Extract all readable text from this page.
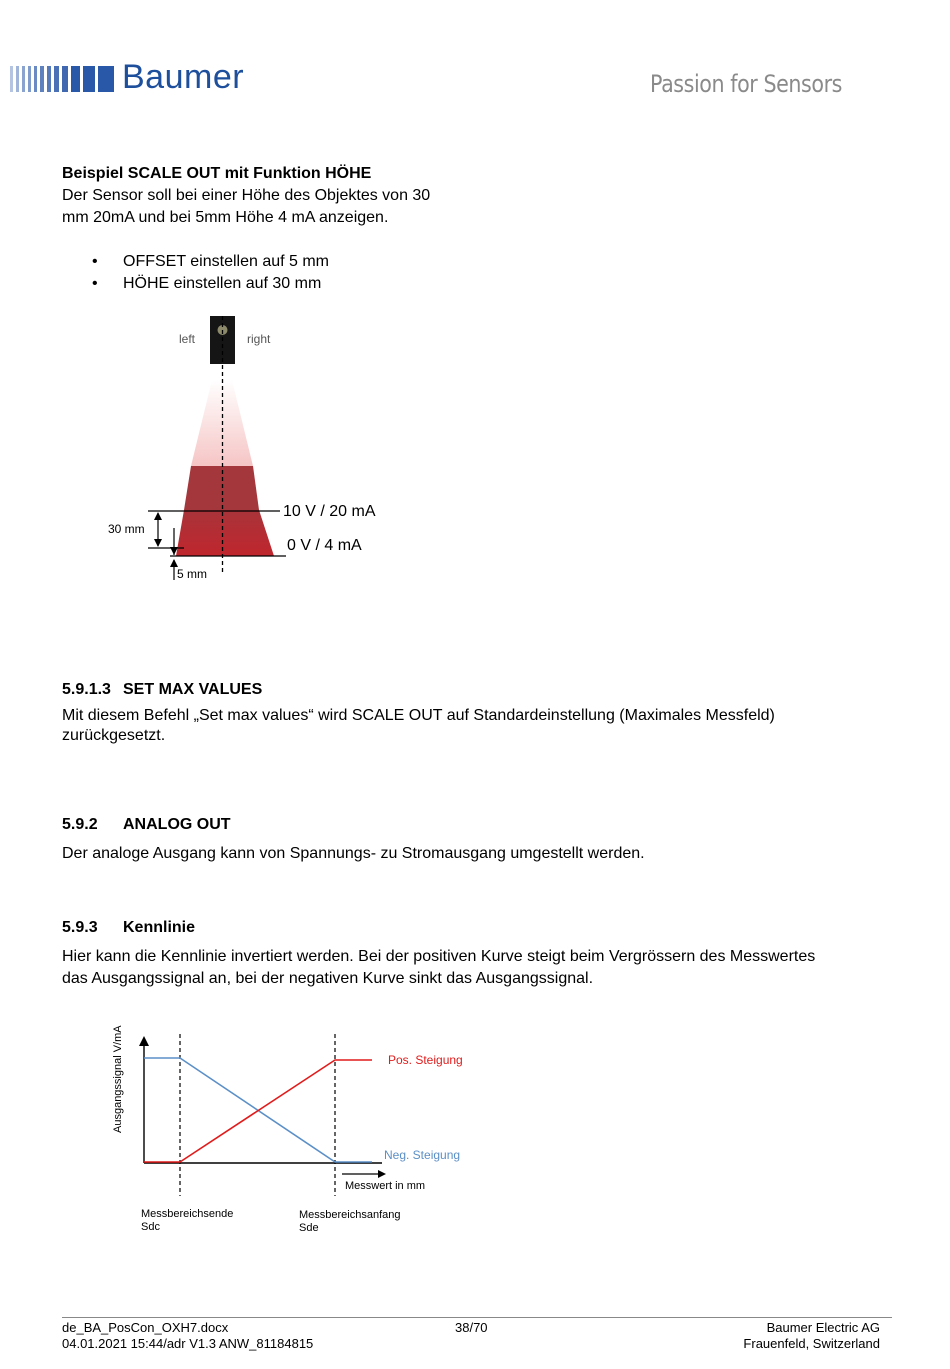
Baumer	Passion for Sensors
Beispiel SCALE OUT mit Funktion HÖHE
Der Sensor soll bei einer Höhe des Objektes von 30
mm 20mA und bei 5mm Höhe 4 mA anzeigen.
• OFFSET einstellen auf 5 mm
• HÖHE einstellen auf 30 mm
left	right
10 V / 20 mA
0 V / 4 mA
30 mm
5 mm
5.9.1.3 SET MAX VALUES
Mit diesem Befehl „Set max values“ wird SCALE OUT auf Standardeinstellung (Maximales Messfeld)
zurückgesetzt.
5.9.2 ANALOG OUT
Der analoge Ausgang kann von Spannungs- zu Stromausgang umgestellt werden.
5.9.3 Kennlinie
Hier kann die Kennlinie invertiert werden. Bei der positiven Kurve steigt beim Vergrössern des Messwertes
das Ausgangssignal an, bei der negativen Kurve sinkt das Ausgangssignal.
Ausgangssignal V/mA	Pos. Steigung
Neg. Steigung
Messwert in mm
Messbereichsende
Sdc
Messbereichsanfang
Sde
de_BA_PosCon_OXH7.docx
04.01.2021 15:44/adr V1.3 ANW_81184815
38/70	Baumer Electric AG
Frauenfeld, Switzerland
